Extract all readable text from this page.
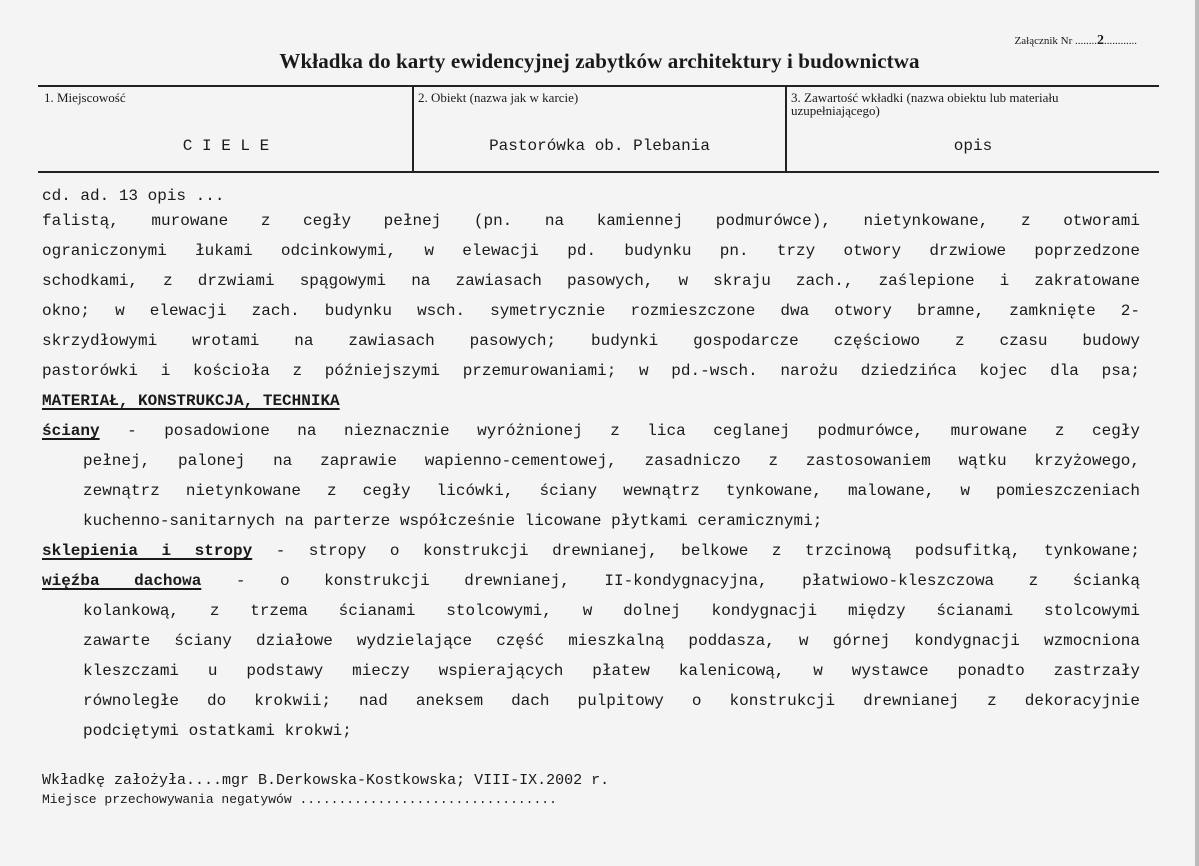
Załącznik Nr ........2............
Wkładka do karty ewidencyjnej zabytków architektury i budownictwa
1. Miejscowość	2. Obiekt (nazwa jak w karcie)	3. Zawartość wkładki (nazwa obiektu lub materiału uzupełniającego)
C I E L E	Pastorówka ob. Plebania	opis
cd. ad. 13 opis ...

falistą, murowane z cegły pełnej (pn. na kamiennej podmurówce), nietynkowane, z otworami

ograniczonymi łukami odcinkowymi, w elewacji pd. budynku pn. trzy otwory drzwiowe poprzedzone

schodkami, z drzwiami spągowymi na zawiasach pasowych, w skraju zach., zaślepione i zakratowane

okno; w elewacji zach. budynku wsch. symetrycznie rozmieszczone dwa otwory bramne, zamknięte 2-

skrzydłowymi wrotami na zawiasach pasowych; budynki gospodarcze częściowo z czasu budowy

pastorówki i kościoła z późniejszymi przemurowaniami; w pd.-wsch. narożu dziedzińca kojec dla psa;

MATERIAŁ, KONSTRUKCJA, TECHNIKA

ściany - posadowione na nieznacznie wyróżnionej z lica ceglanej podmurówce, murowane z cegły

pełnej, palonej na zaprawie wapienno-cementowej, zasadniczo z zastosowaniem wątku krzyżowego,

zewnątrz nietynkowane z cegły licówki, ściany wewnątrz tynkowane, malowane, w pomieszczeniach

kuchenno-sanitarnych na parterze współcześnie licowane płytkami ceramicznymi;

sklepienia i stropy - stropy o konstrukcji drewnianej, belkowe z trzcinową podsufitką, tynkowane;

więźba dachowa - o konstrukcji drewnianej, II-kondygnacyjna, płatwiowo-kleszczowa z ścianką

kolankową, z trzema ścianami stolcowymi, w dolnej kondygnacji między ścianami stolcowymi

zawarte ściany działowe wydzielające część mieszkalną poddasza, w górnej kondygnacji wzmocniona

kleszczami u podstawy mieczy wspierających płatew kalenicową, w wystawce ponadto zastrzały

równoległe do krokwii; nad aneksem dach pulpitowy o konstrukcji drewnianej z dekoracyjnie

podciętymi ostatkami krokwi;

Wkładkę założyła....mgr B.Derkowska-Kostkowska; VIII-IX.2002 r.
Miejsce przechowywania negatywów .................................
